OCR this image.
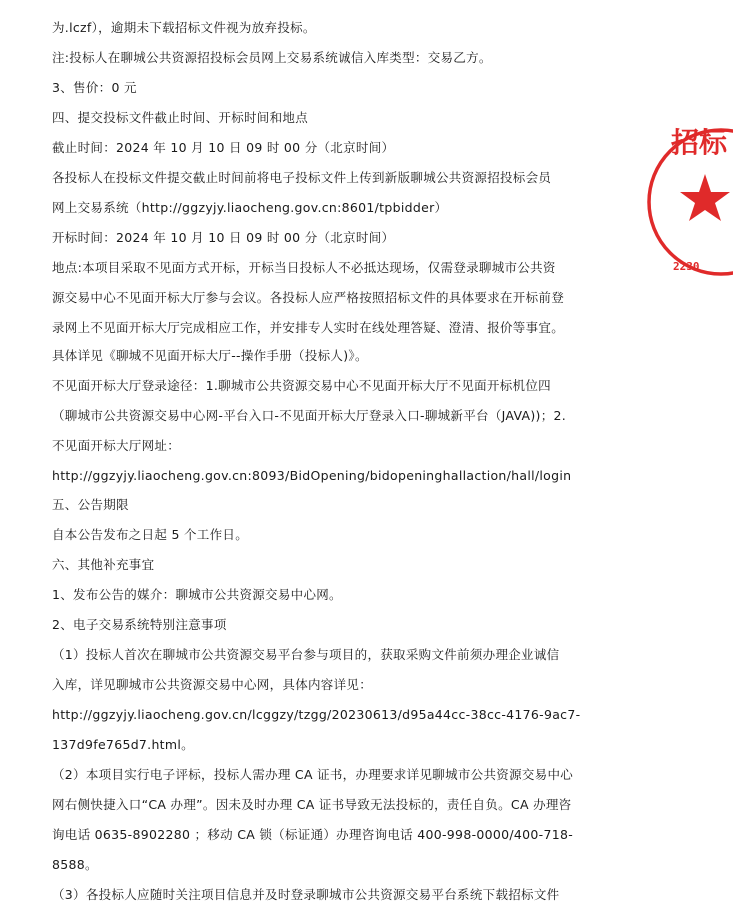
为.lczf），逾期未下载招标文件视为放弃投标。
注:投标人在聊城公共资源招投标会员网上交易系统诚信入库类型：交易乙方。
3、售价：0 元
四、提交投标文件截止时间、开标时间和地点
截止时间：2024 年 10 月 10 日 09 时 00 分（北京时间）
各投标人在投标文件提交截止时间前将电子投标文件上传到新版聊城公共资源招投标会员
网上交易系统（http://ggzyjy.liaocheng.gov.cn:8601/tpbidder）
开标时间：2024 年 10 月 10 日 09 时 00 分（北京时间）
地点:本项目采取不见面方式开标，开标当日投标人不必抵达现场，仅需登录聊城市公共资
源交易中心不见面开标大厅参与会议。各投标人应严格按照招标文件的具体要求在开标前登
录网上不见面开标大厅完成相应工作，并安排专人实时在线处理答疑、澄清、报价等事宜。
具体详见《聊城不见面开标大厅--操作手册（投标人)》。
不见面开标大厅登录途径：1.聊城市公共资源交易中心不见面开标大厅不见面开标机位四
（聊城市公共资源交易中心网-平台入口-不见面开标大厅登录入口-聊城新平台（JAVA))；2.
不见面开标大厅网址：
http://ggzyjy.liaocheng.gov.cn:8093/BidOpening/bidopeninghallaction/hall/login
五、公告期限
自本公告发布之日起 5 个工作日。
六、其他补充事宜
1、发布公告的媒介：聊城市公共资源交易中心网。
2、电子交易系统特别注意事项
（1）投标人首次在聊城市公共资源交易平台参与项目的，获取采购文件前须办理企业诚信
入库，详见聊城市公共资源交易中心网，具体内容详见：
http://ggzyjy.liaocheng.gov.cn/lcggzy/tzgg/20230613/d95a44cc-38cc-4176-9ac7-
137d9fe765d7.html。
（2）本项目实行电子评标，投标人需办理 CA 证书，办理要求详见聊城市公共资源交易中心
网右侧快捷入口“CA 办理”。因未及时办理 CA 证书导致无法投标的，责任自负。CA 办理咨
询电话 0635-8902280 ；移动 CA 锁（标证通）办理咨询电话 400-998-0000/400-718-
8588。
（3）各投标人应随时关注项目信息并及时登录聊城市公共资源交易平台系统下载招标文件
招标
2230
